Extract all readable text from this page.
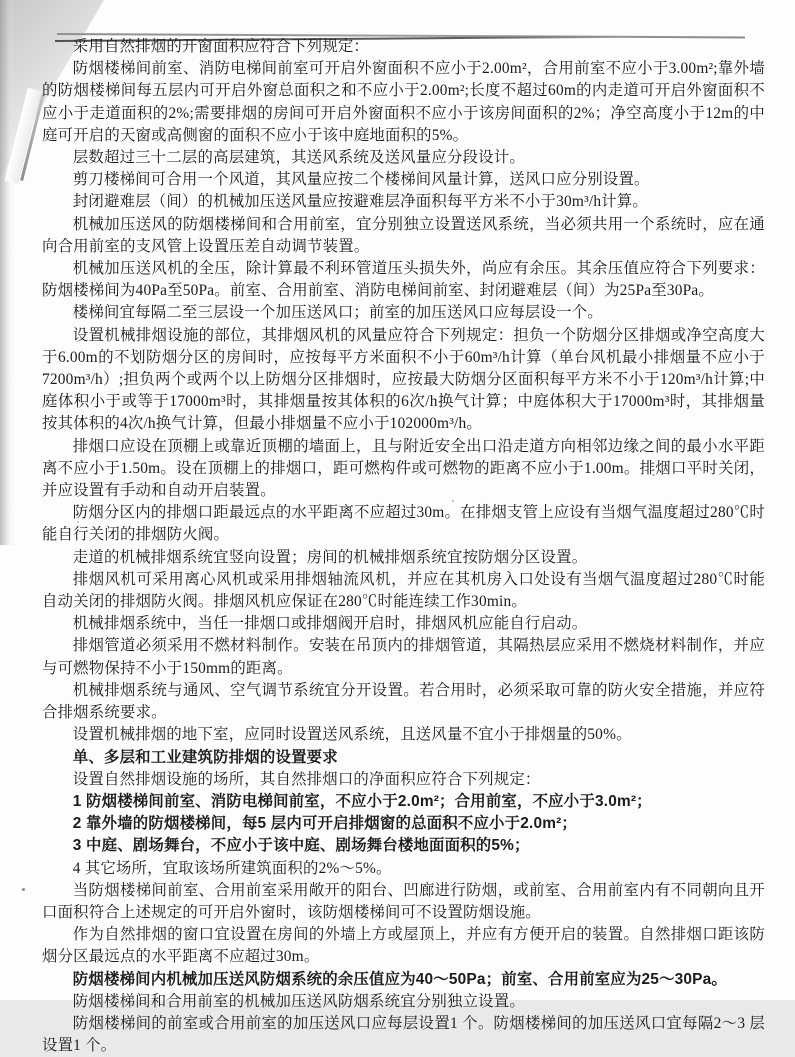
采用自然排烟的开窗面积应符合下列规定：

防烟楼梯间前室、消防电梯间前室可开启外窗面积不应小于2.00m²，合用前室不应小于3.00m²;靠外墙的防烟楼梯间每五层内可开启外窗总面积之和不应小于2.00m²;长度不超过60m的内走道可开启外窗面积不应小于走道面积的2%;需要排烟的房间可开启外窗面积不应小于该房间面积的2%；净空高度小于12m的中庭可开启的天窗或高侧窗的面积不应小于该中庭地面积的5%。

层数超过三十二层的高层建筑，其送风系统及送风量应分段设计。

剪刀楼梯间可合用一个风道，其风量应按二个楼梯间风量计算，送风口应分别设置。

封闭避难层（间）的机械加压送风量应按避难层净面积每平方米不小于30m³/h计算。

机械加压送风的防烟楼梯间和合用前室，宜分别独立设置送风系统，当必须共用一个系统时，应在通向合用前室的支风管上设置压差自动调节装置。

机械加压送风机的全压，除计算最不利环管道压头损失外，尚应有余压。其余压值应符合下列要求：防烟楼梯间为40Pa至50Pa。前室、合用前室、消防电梯间前室、封闭避难层（间）为25Pa至30Pa。

楼梯间宜每隔二至三层设一个加压送风口；前室的加压送风口应每层设一个。

设置机械排烟设施的部位，其排烟风机的风量应符合下列规定：担负一个防烟分区排烟或净空高度大于6.00m的不划防烟分区的房间时，应按每平方米面积不小于60m³/h计算（单台风机最小排烟量不应小于7200m³/h）;担负两个或两个以上防烟分区排烟时，应按最大防烟分区面积每平方米不小于120m³/h计算;中庭体积小于或等于17000m³时，其排烟量按其体积的6次/h换气计算；中庭体积大于17000m³时，其排烟量按其体积的4次/h换气计算，但最小排烟量不应小于102000m³/h。

排烟口应设在顶棚上或靠近顶棚的墙面上，且与附近安全出口沿走道方向相邻边缘之间的最小水平距离不应小于1.50m。设在顶棚上的排烟口，距可燃构件或可燃物的距离不应小于1.00m。排烟口平时关闭，并应设置有手动和自动开启装置。

防烟分区内的排烟口距最远点的水平距离不应超过30m。在排烟支管上应设有当烟气温度超过280℃时能自行关闭的排烟防火阀。

走道的机械排烟系统宜竖向设置；房间的机械排烟系统宜按防烟分区设置。

排烟风机可采用离心风机或采用排烟轴流风机，并应在其机房入口处设有当烟气温度超过280℃时能自动关闭的排烟防火阀。排烟风机应保证在280℃时能连续工作30min。

机械排烟系统中，当任一排烟口或排烟阀开启时，排烟风机应能自行启动。

排烟管道必须采用不燃材料制作。安装在吊顶内的排烟管道，其隔热层应采用不燃烧材料制作，并应与可燃物保持不小于150mm的距离。

机械排烟系统与通风、空气调节系统宜分开设置。若合用时，必须采取可靠的防火安全措施，并应符合排烟系统要求。

设置机械排烟的地下室，应同时设置送风系统，且送风量不宜小于排烟量的50%。

单、多层和工业建筑防排烟的设置要求

设置自然排烟设施的场所，其自然排烟口的净面积应符合下列规定：

1 防烟楼梯间前室、消防电梯间前室，不应小于2.0m²；合用前室，不应小于3.0m²；

2 靠外墙的防烟楼梯间，每5 层内可开启排烟窗的总面积不应小于2.0m²；

3 中庭、剧场舞台，不应小于该中庭、剧场舞台楼地面面积的5%；

4 其它场所，宜取该场所建筑面积的2%～5%。

当防烟楼梯间前室、合用前室采用敞开的阳台、凹廊进行防烟，或前室、合用前室内有不同朝向且开口面积符合上述规定的可开启外窗时，该防烟楼梯间可不设置防烟设施。

作为自然排烟的窗口宜设置在房间的外墙上方或屋顶上，并应有方便开启的装置。自然排烟口距该防烟分区最远点的水平距离不应超过30m。

防烟楼梯间内机械加压送风防烟系统的余压值应为40～50Pa；前室、合用前室应为25～30Pa。

防烟楼梯间和合用前室的机械加压送风防烟系统宜分别独立设置。

防烟楼梯间的前室或合用前室的加压送风口应每层设置1 个。防烟楼梯间的加压送风口宜每隔2～3 层设置1 个。
